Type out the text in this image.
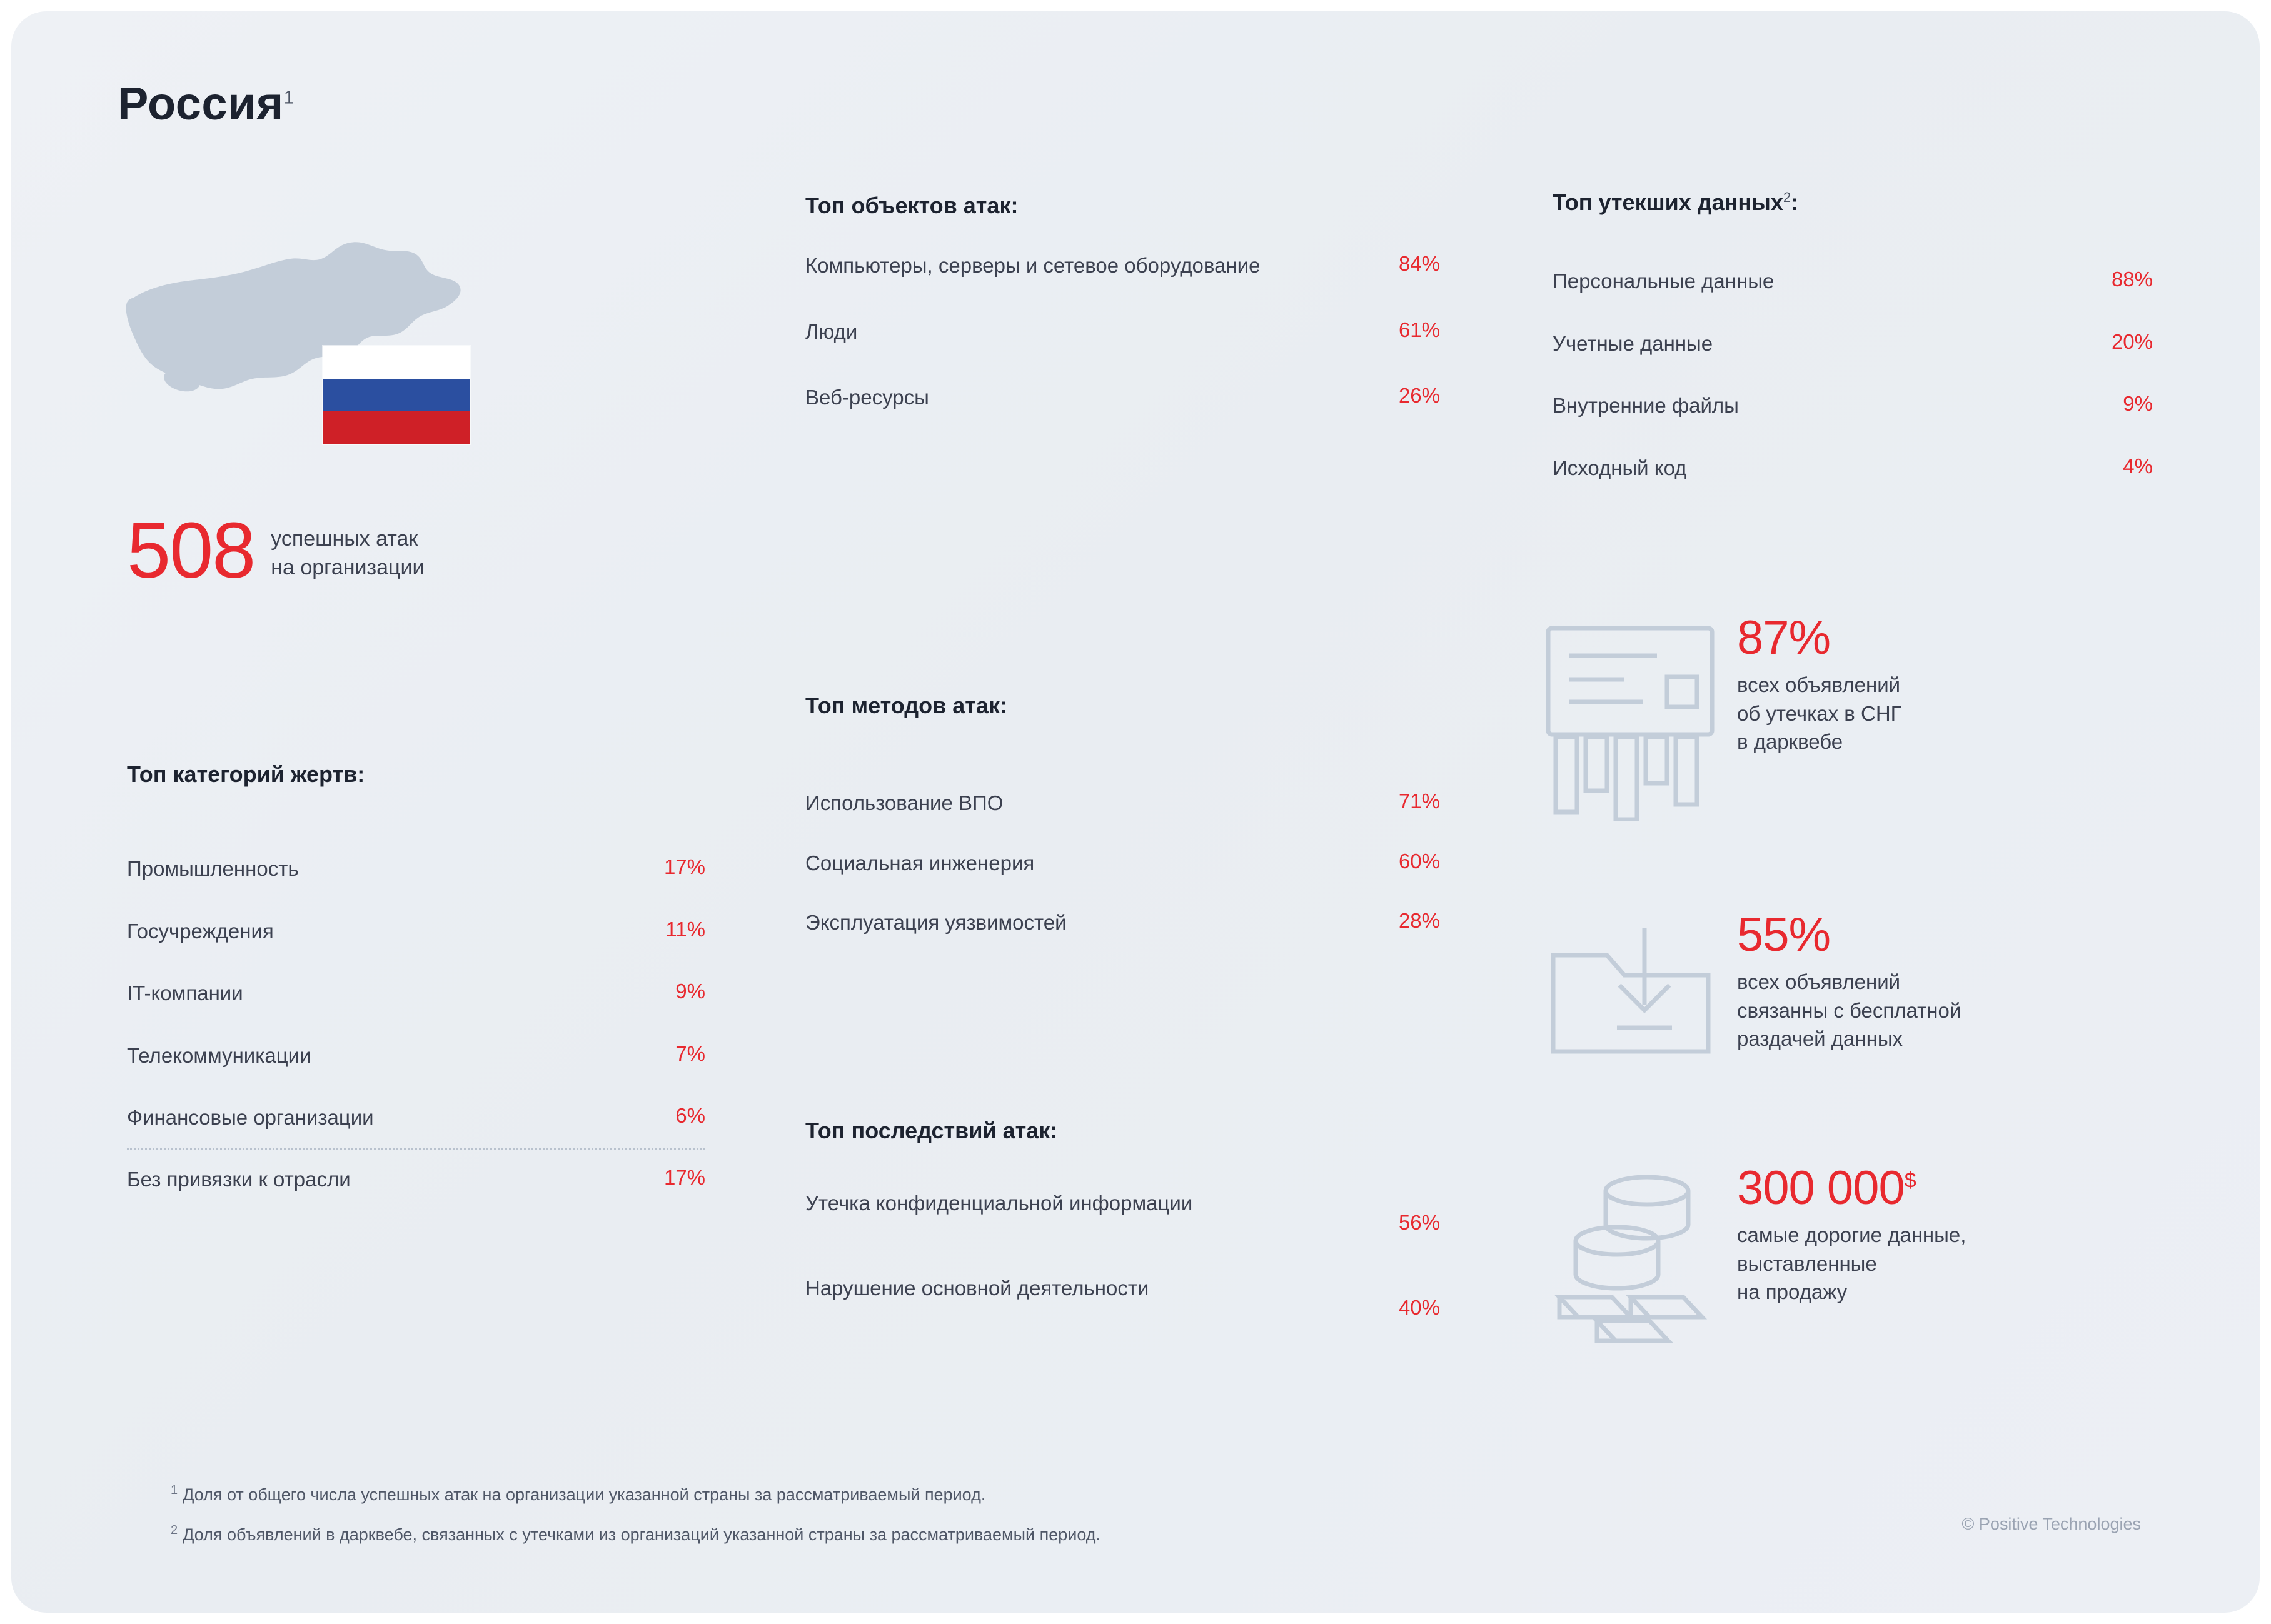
Россия$^1$
508 успешных атак
на организации
Топ категорий жертв:
Промышленность	17%
Госучреждения	11%
IT-компании	9%
Телекоммуникации	7%
Финансовые организации	6%
Без привязки к отрасли	17%
Топ объектов атак:
Компьютеры, серверы и сетевое оборудование	84%
Люди	61%
Веб-ресурсы	26%
Топ методов атак:
Использование ВПО	71%
Социальная инженерия	60%
Эксплуатация уязвимостей	28%
Топ последствий атак:
Утечка конфиденциальной информации
56%
Нарушение основной деятельности
40%
Топ утекших данных$^2$:
Персональные данные	88%
Учетные данные	20%
Внутренние файлы	9%
Исходный код	4%
87%
всех объявлений
об утечках в СНГ
в дарквебе
55%
всех объявлений
связанны с бесплатной
раздачей данных
300 000$
самые дорогие данные,
выставленные
на продажу
$^1$ Доля от общего числа успешных атак на организации указанной страны за рассматриваемый период.
$^2$ Доля объявлений в дарквебе, связанных с утечками из организаций указанной страны за рассматриваемый период.
© Positive Technologies
